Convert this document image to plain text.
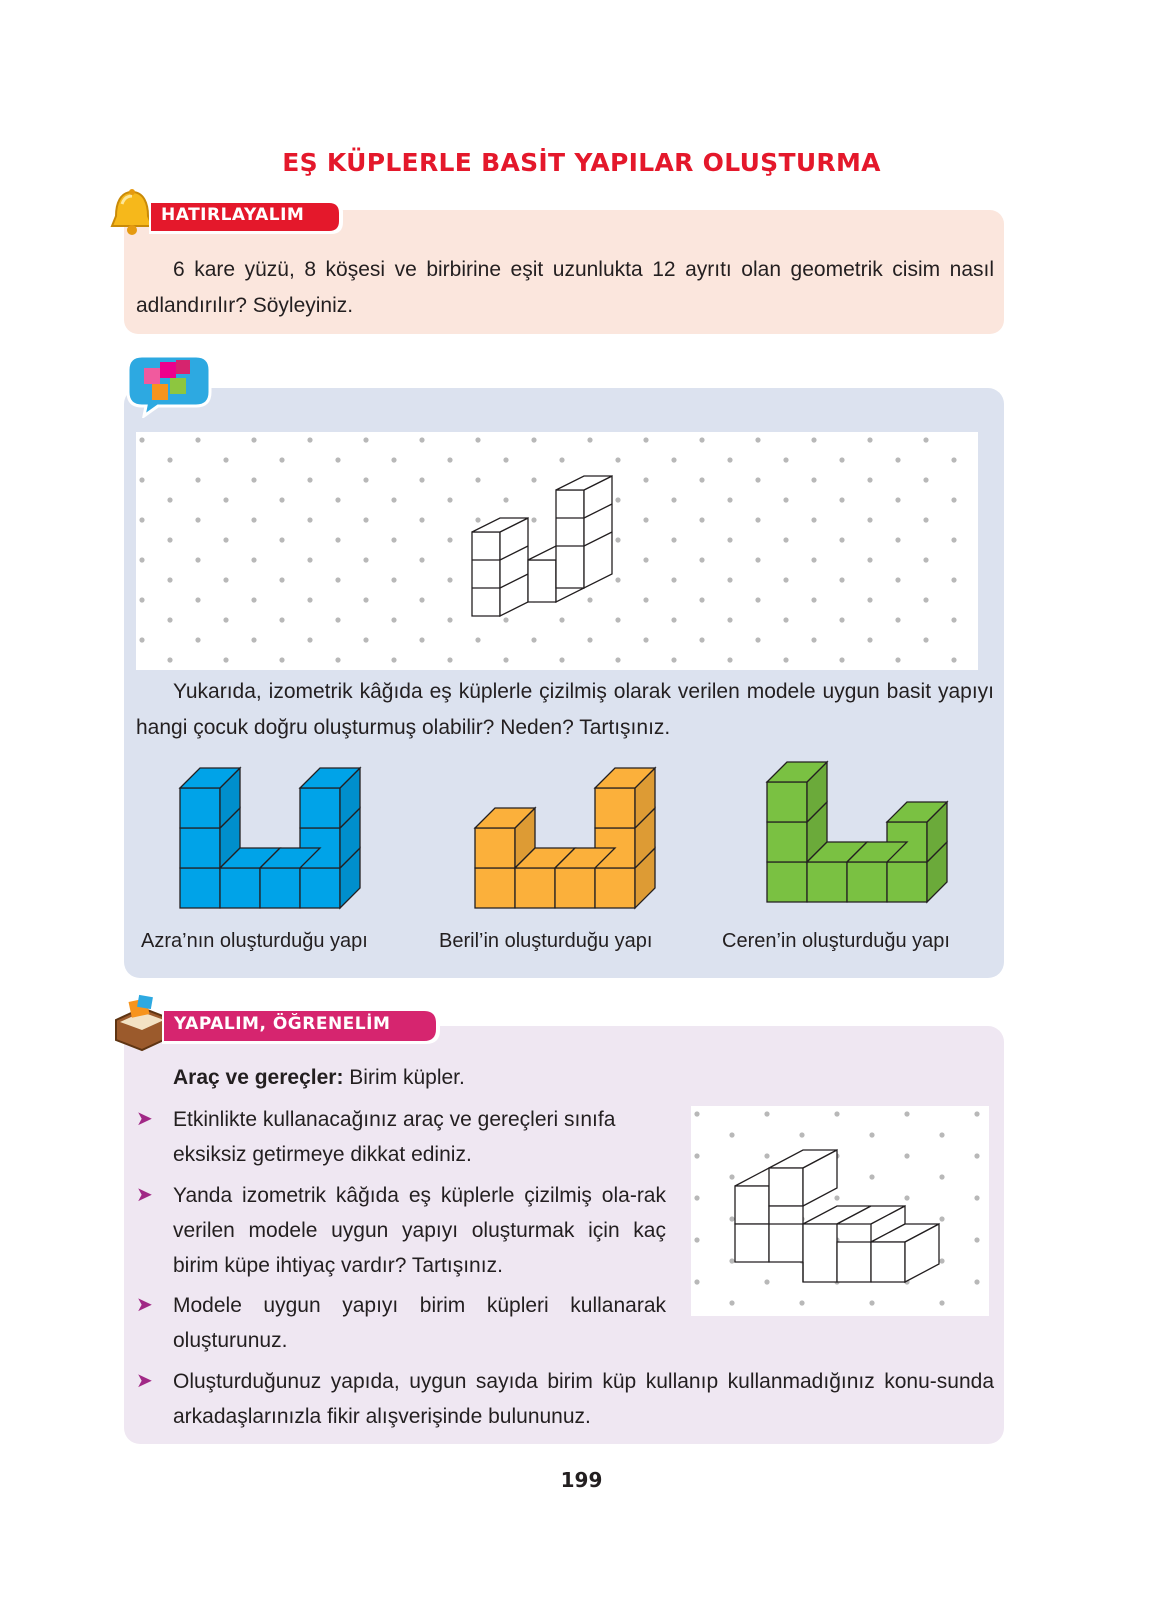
EŞ KÜPLERLE BASİT YAPILAR OLUŞTURMA
HATIRLAYALIM
6 kare yüzü, 8 köşesi ve birbirine eşit uzunlukta 12 ayrıtı olan geometrik cisim nasıl adlandırılır? Söyleyiniz.
Yukarıda, izometrik kâğıda eş küplerle çizilmiş olarak verilen modele uygun basit yapıyı hangi çocuk doğru oluşturmuş olabilir? Neden? Tartışınız.
Azra’nın oluşturduğu yapı	Beril’in oluşturduğu yapı	Ceren’in oluşturduğu yapı
YAPALIM, ÖĞRENELİM
Araç ve gereçler: Birim küpler.
➤ Etkinlikte kullanacağınız araç ve gereçleri sınıfa eksiksiz getirmeye dikkat ediniz.
➤ Yanda izometrik kâğıda eş küplerle çizilmiş ola-rak verilen modele uygun yapıyı oluşturmak için kaç birim küpe ihtiyaç vardır? Tartışınız.
➤ Modele uygun yapıyı birim küpleri kullanarak oluşturunuz.
➤ Oluşturduğunuz yapıda, uygun sayıda birim küp kullanıp kullanmadığınız konu-sunda arkadaşlarınızla fikir alışverişinde bulununuz.
199
